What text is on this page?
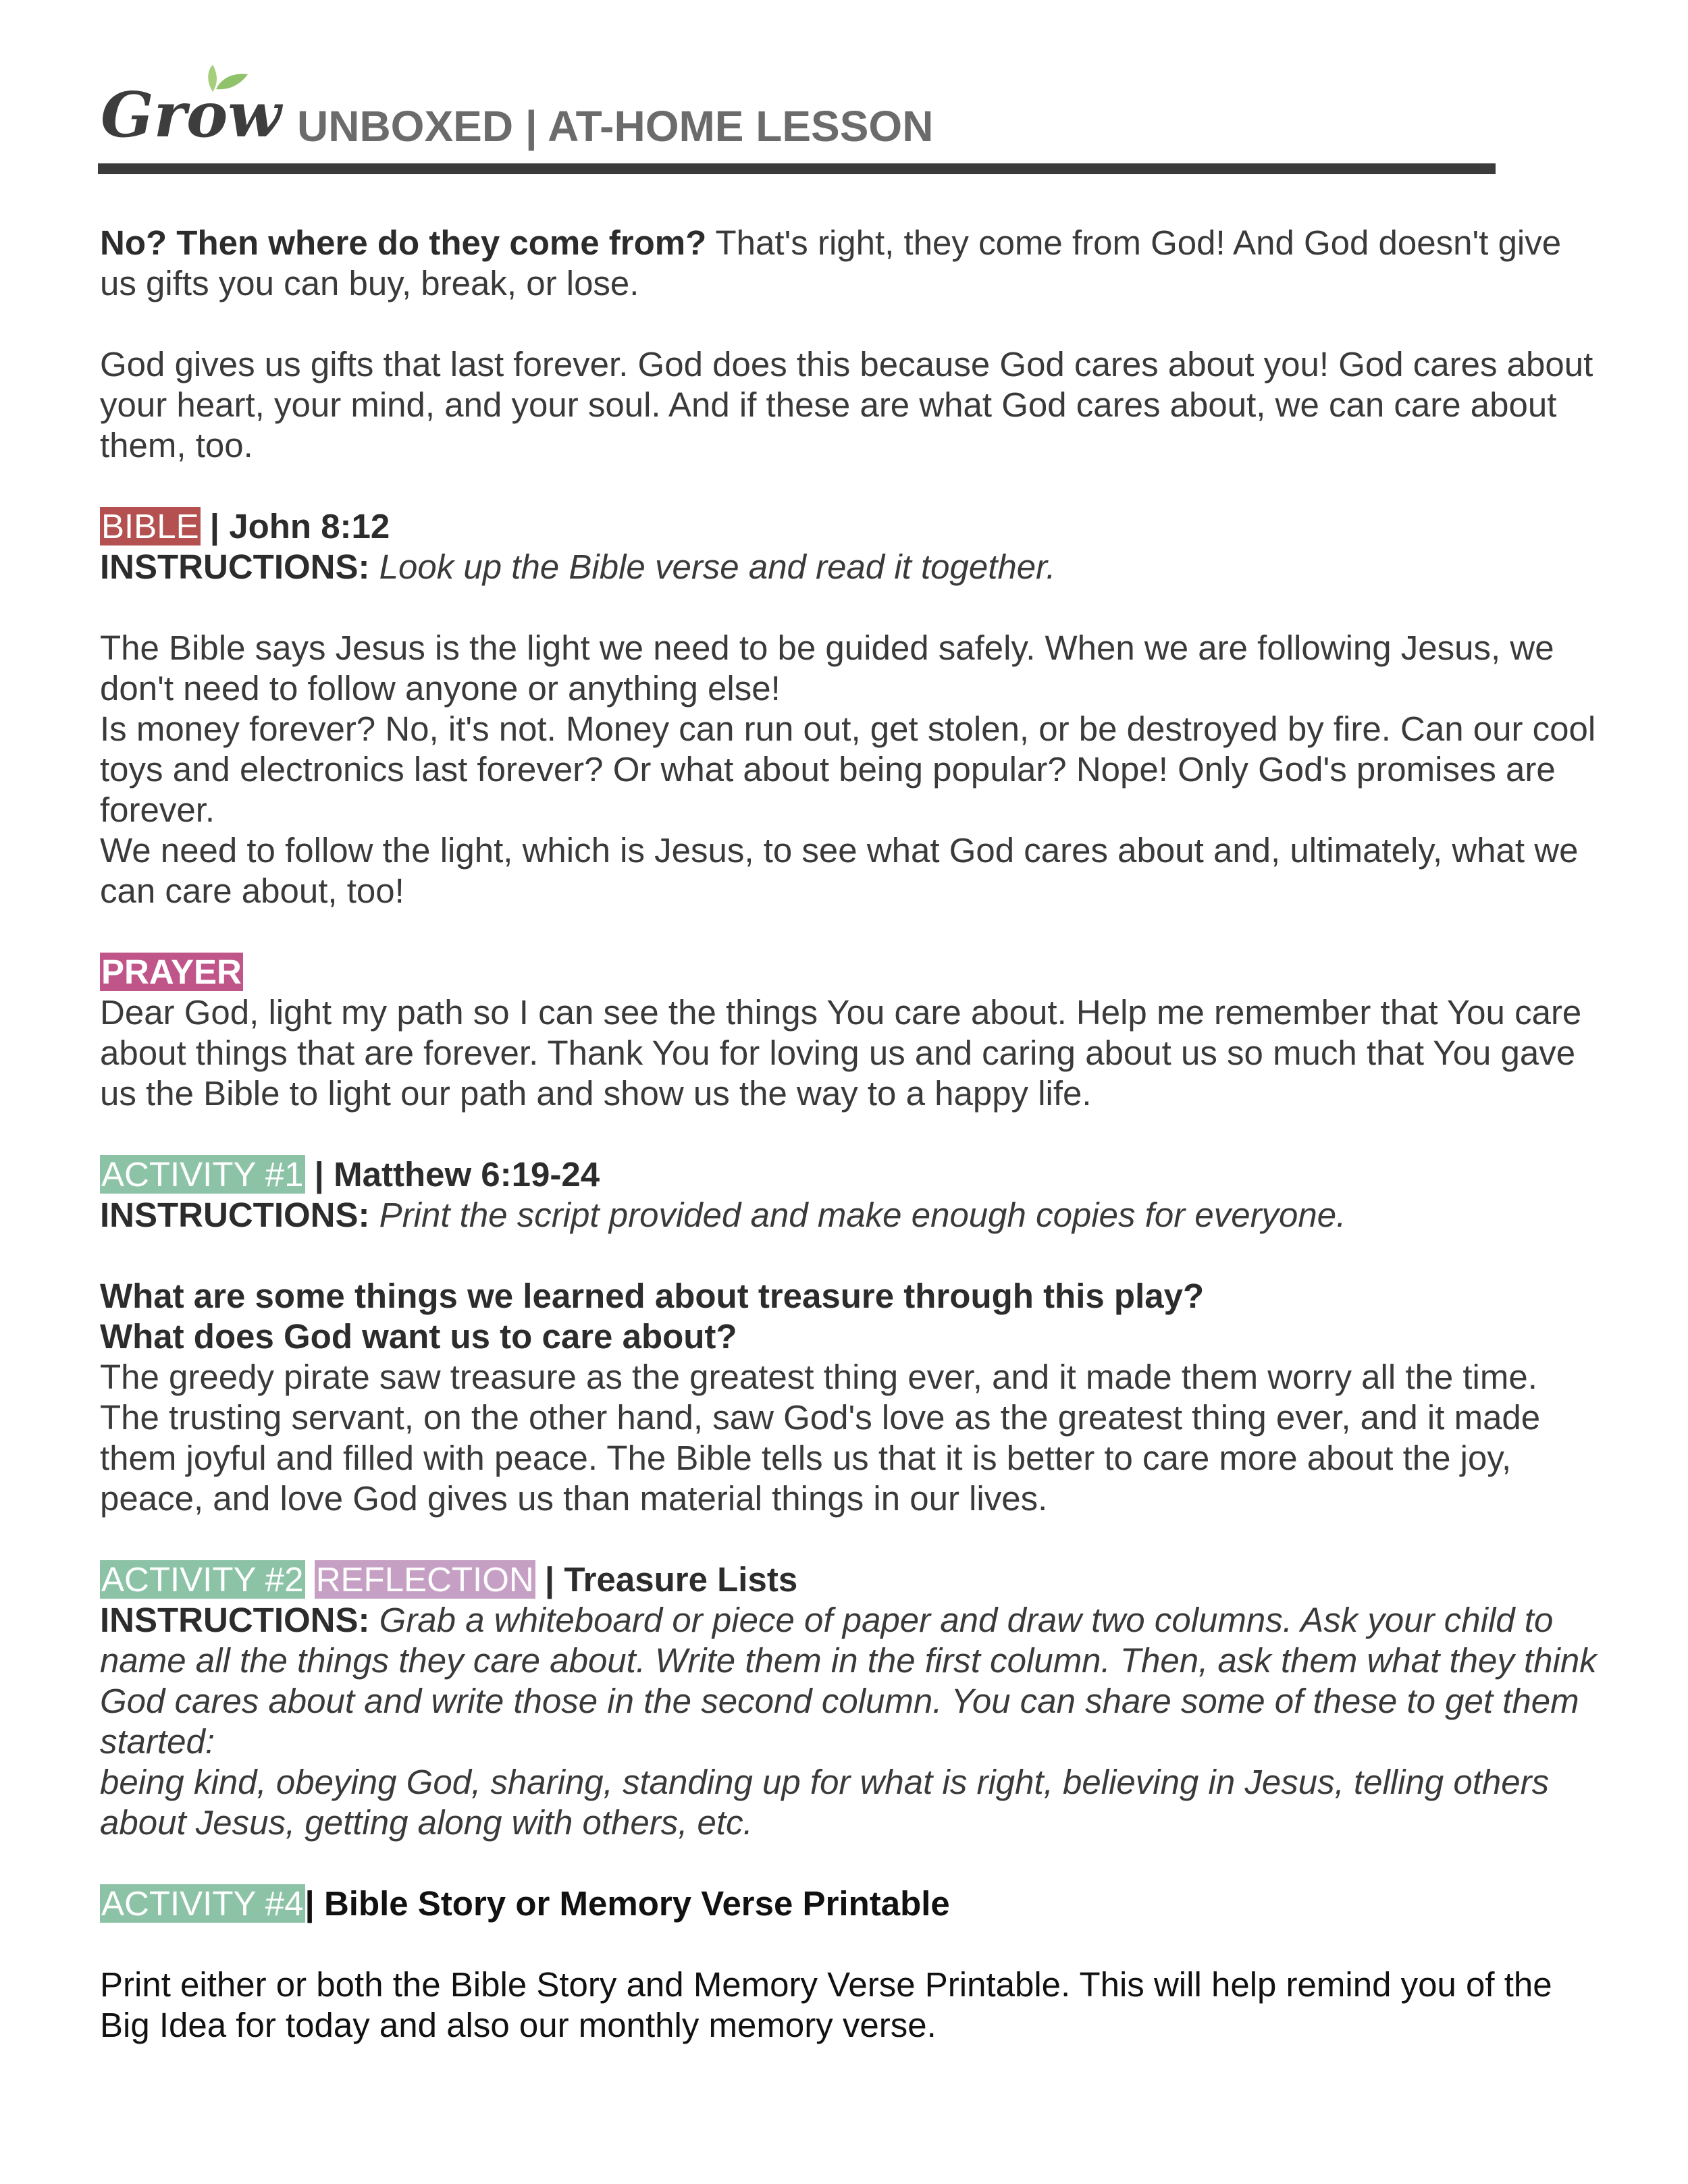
Grow UNBOXED | AT-HOME LESSON

No? Then where do they come from? That's right, they come from God! And God doesn't give us gifts you can buy, break, or lose.

God gives us gifts that last forever. God does this because God cares about you! God cares about your heart, your mind, and your soul. And if these are what God cares about, we can care about them, too.

BIBLE | John 8:12

INSTRUCTIONS: Look up the Bible verse and read it together.

The Bible says Jesus is the light we need to be guided safely. When we are following Jesus, we don't need to follow anyone or anything else!

Is money forever? No, it's not. Money can run out, get stolen, or be destroyed by fire. Can our cool toys and electronics last forever? Or what about being popular? Nope! Only God's promises are forever.

We need to follow the light, which is Jesus, to see what God cares about and, ultimately, what we can care about, too!

PRAYER

Dear God, light my path so I can see the things You care about. Help me remember that You care about things that are forever. Thank You for loving us and caring about us so much that You gave us the Bible to light our path and show us the way to a happy life.

ACTIVITY #1 | Matthew 6:19-24

INSTRUCTIONS: Print the script provided and make enough copies for everyone.

What are some things we learned about treasure through this play?

What does God want us to care about?

The greedy pirate saw treasure as the greatest thing ever, and it made them worry all the time. The trusting servant, on the other hand, saw God's love as the greatest thing ever, and it made them joyful and filled with peace. The Bible tells us that it is better to care more about the joy, peace, and love God gives us than material things in our lives.

ACTIVITY #2 REFLECTION | Treasure Lists

INSTRUCTIONS: Grab a whiteboard or piece of paper and draw two columns. Ask your child to name all the things they care about. Write them in the first column. Then, ask them what they think God cares about and write those in the second column. You can share some of these to get them started:

being kind, obeying God, sharing, standing up for what is right, believing in Jesus, telling others about Jesus, getting along with others, etc.

ACTIVITY #4| Bible Story or Memory Verse Printable

Print either or both the Bible Story and Memory Verse Printable. This will help remind you of the Big Idea for today and also our monthly memory verse.
